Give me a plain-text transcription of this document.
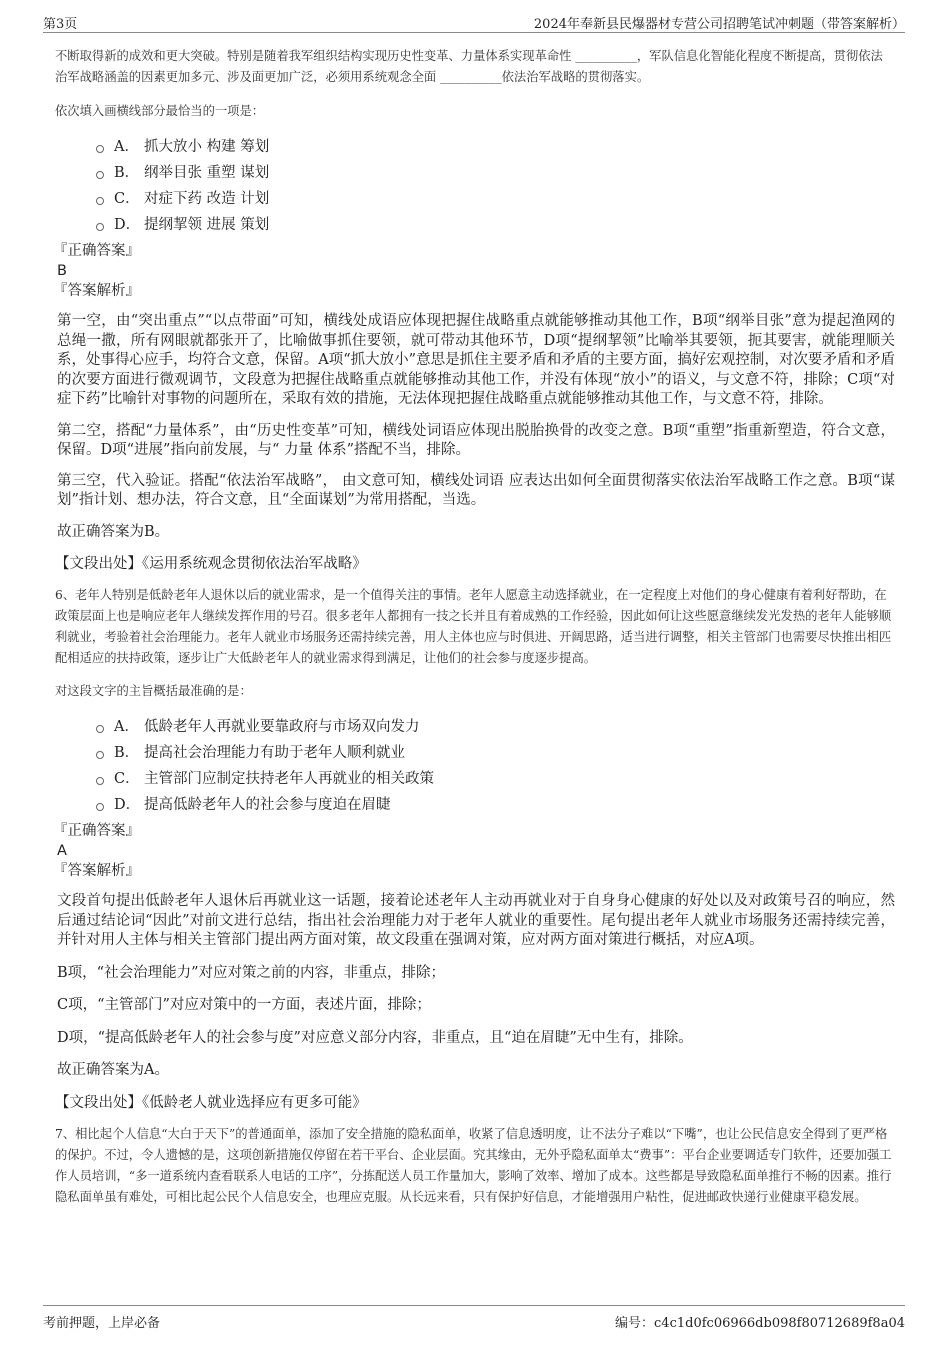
第3页	2024年奉新县民爆器材专营公司招聘笔试冲刺题（带答案解析）

不断取得新的成效和更大突破。特别是随着我军组织结构实现历史性变革、力量体系实现革命性 __________，军队信息化智能化程度不断提高，贯彻依法治军战略涵盖的因素更加多元、涉及面更加广泛，必须用系统观念全面 __________依法治军战略的贯彻落实。

依次填入画横线部分最恰当的一项是：

A． 抓大放小 构建 筹划
B． 纲举目张 重塑 谋划
C． 对症下药 改造 计划
D． 提纲挈领 进展 策划

『正确答案』

B

『答案解析』

第一空，由“突出重点”“以点带面”可知，横线处成语应体现把握住战略重点就能够推动其他工作，B项“纲举目张”意为提起渔网的总绳一撒，所有网眼就都张开了，比喻做事抓住要领，就可带动其他环节，D项“提纲挈领”比喻举其要领，扼其要害，就能理顺关系，处事得心应手，均符合文意，保留。A项“抓大放小”意思是抓住主要矛盾和矛盾的主要方面，搞好宏观控制，对次要矛盾和矛盾的次要方面进行微观调节，文段意为把握住战略重点就能够推动其他工作，并没有体现“放小”的语义，与文意不符，排除；C项“对症下药”比喻针对事物的问题所在，采取有效的措施，无法体现把握住战略重点就能够推动其他工作，与文意不符，排除。

第二空，搭配“力量体系”，由“历史性变革”可知，横线处词语应体现出脱胎换骨的改变之意。B项“重塑”指重新塑造，符合文意，保留。D项“进展”指向前发展，与“ 力量 体系”搭配不当，排除。

第三空，代入验证。搭配“依法治军战略”， 由文意可知，横线处词语 应表达出如何全面贯彻落实依法治军战略工作之意。B项“谋划”指计划、想办法，符合文意，且“全面谋划”为常用搭配，当选。

故正确答案为B。

【文段出处】《运用系统观念贯彻依法治军战略》

6、老年人特别是低龄老年人退休以后的就业需求，是一个值得关注的事情。老年人愿意主动选择就业，在一定程度上对他们的身心健康有着利好帮助，在政策层面上也是响应老年人继续发挥作用的号召。很多老年人都拥有一技之长并且有着成熟的工作经验，因此如何让这些愿意继续发光发热的老年人能够顺利就业，考验着社会治理能力。老年人就业市场服务还需持续完善，用人主体也应与时俱进、开阔思路，适当进行调整，相关主管部门也需要尽快推出相匹配相适应的扶持政策，逐步让广大低龄老年人的就业需求得到满足，让他们的社会参与度逐步提高。

对这段文字的主旨概括最准确的是：

A． 低龄老年人再就业要靠政府与市场双向发力
B． 提高社会治理能力有助于老年人顺利就业
C． 主管部门应制定扶持老年人再就业的相关政策
D． 提高低龄老年人的社会参与度迫在眉睫

『正确答案』

A

『答案解析』

文段首句提出低龄老年人退休后再就业这一话题，接着论述老年人主动再就业对于自身身心健康的好处以及对政策号召的响应，然后通过结论词“因此”对前文进行总结，指出社会治理能力对于老年人就业的重要性。尾句提出老年人就业市场服务还需持续完善，并针对用人主体与相关主管部门提出两方面对策，故文段重在强调对策，应对两方面对策进行概括，对应A项。

B项，“社会治理能力”对应对策之前的内容，非重点，排除；

C项，“主管部门”对应对策中的一方面，表述片面，排除；

D项，“提高低龄老年人的社会参与度”对应意义部分内容，非重点，且“迫在眉睫”无中生有，排除。

故正确答案为A。

【文段出处】《低龄老人就业选择应有更多可能》

7、相比起个人信息“大白于天下”的普通面单，添加了安全措施的隐私面单，收紧了信息透明度，让不法分子难以“下嘴”，也让公民信息安全得到了更严格的保护。不过，令人遗憾的是，这项创新措施仅停留在若干平台、企业层面。究其缘由，无外乎隐私面单太“费事”：平台企业要调适专门软件，还要加强工作人员培训，“多一道系统内查看联系人电话的工序”，分拣配送人员工作量加大，影响了效率、增加了成本。这些都是导致隐私面单推行不畅的因素。推行隐私面单虽有难处，可相比起公民个人信息安全，也理应克服。从长远来看，只有保护好信息，才能增强用户粘性，促进邮政快递行业健康平稳发展。

考前押题，上岸必备	编号：c4c1d0fc06966db098f80712689f8a04
